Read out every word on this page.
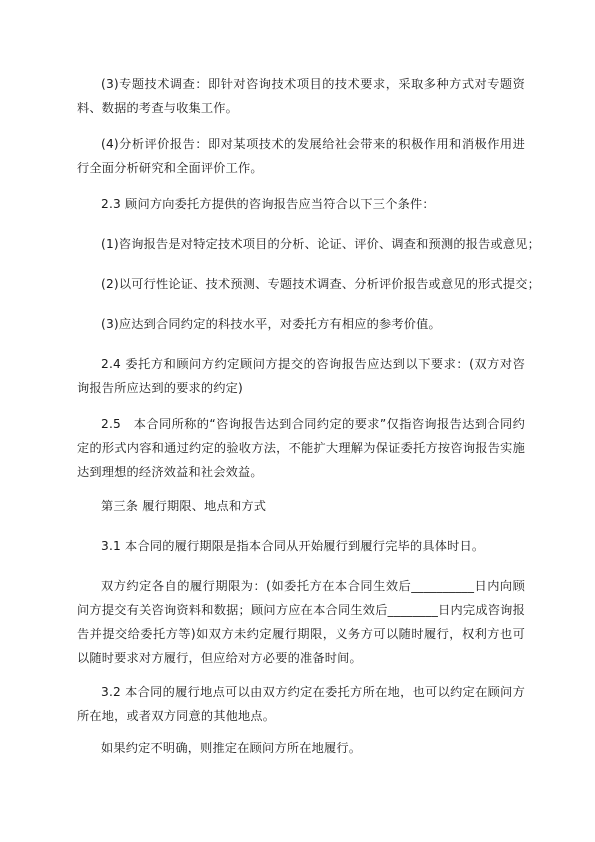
(3)专题技术调查：即针对咨询技术项目的技术要求，采取多种方式对专题资料、数据的考查与收集工作。

(4)分析评价报告：即对某项技术的发展给社会带来的积极作用和消极作用进行全面分析研究和全面评价工作。

2.3 顾问方向委托方提供的咨询报告应当符合以下三个条件：

(1)咨询报告是对特定技术项目的分析、论证、评价、调查和预测的报告或意见；

(2)以可行性论证、技术预测、专题技术调查、分析评价报告或意见的形式提交；

(3)应达到合同约定的科技水平，对委托方有相应的参考价值。

2.4 委托方和顾问方约定顾问方提交的咨询报告应达到以下要求：(双方对咨询报告所应达到的要求的约定)

2.5　本合同所称的“咨询报告达到合同约定的要求”仅指咨询报告达到合同约定的形式内容和通过约定的验收方法，不能扩大理解为保证委托方按咨询报告实施达到理想的经济效益和社会效益。

第三条 履行期限、地点和方式

3.1 本合同的履行期限是指本合同从开始履行到履行完毕的具体时日。

双方约定各自的履行期限为：(如委托方在本合同生效后__________日内向顾问方提交有关咨询资料和数据；顾问方应在本合同生效后________日内完成咨询报告并提交给委托方等)如双方未约定履行期限，义务方可以随时履行，权利方也可以随时要求对方履行，但应给对方必要的准备时间。

3.2 本合同的履行地点可以由双方约定在委托方所在地，也可以约定在顾问方所在地，或者双方同意的其他地点。

如果约定不明确，则推定在顾问方所在地履行。
